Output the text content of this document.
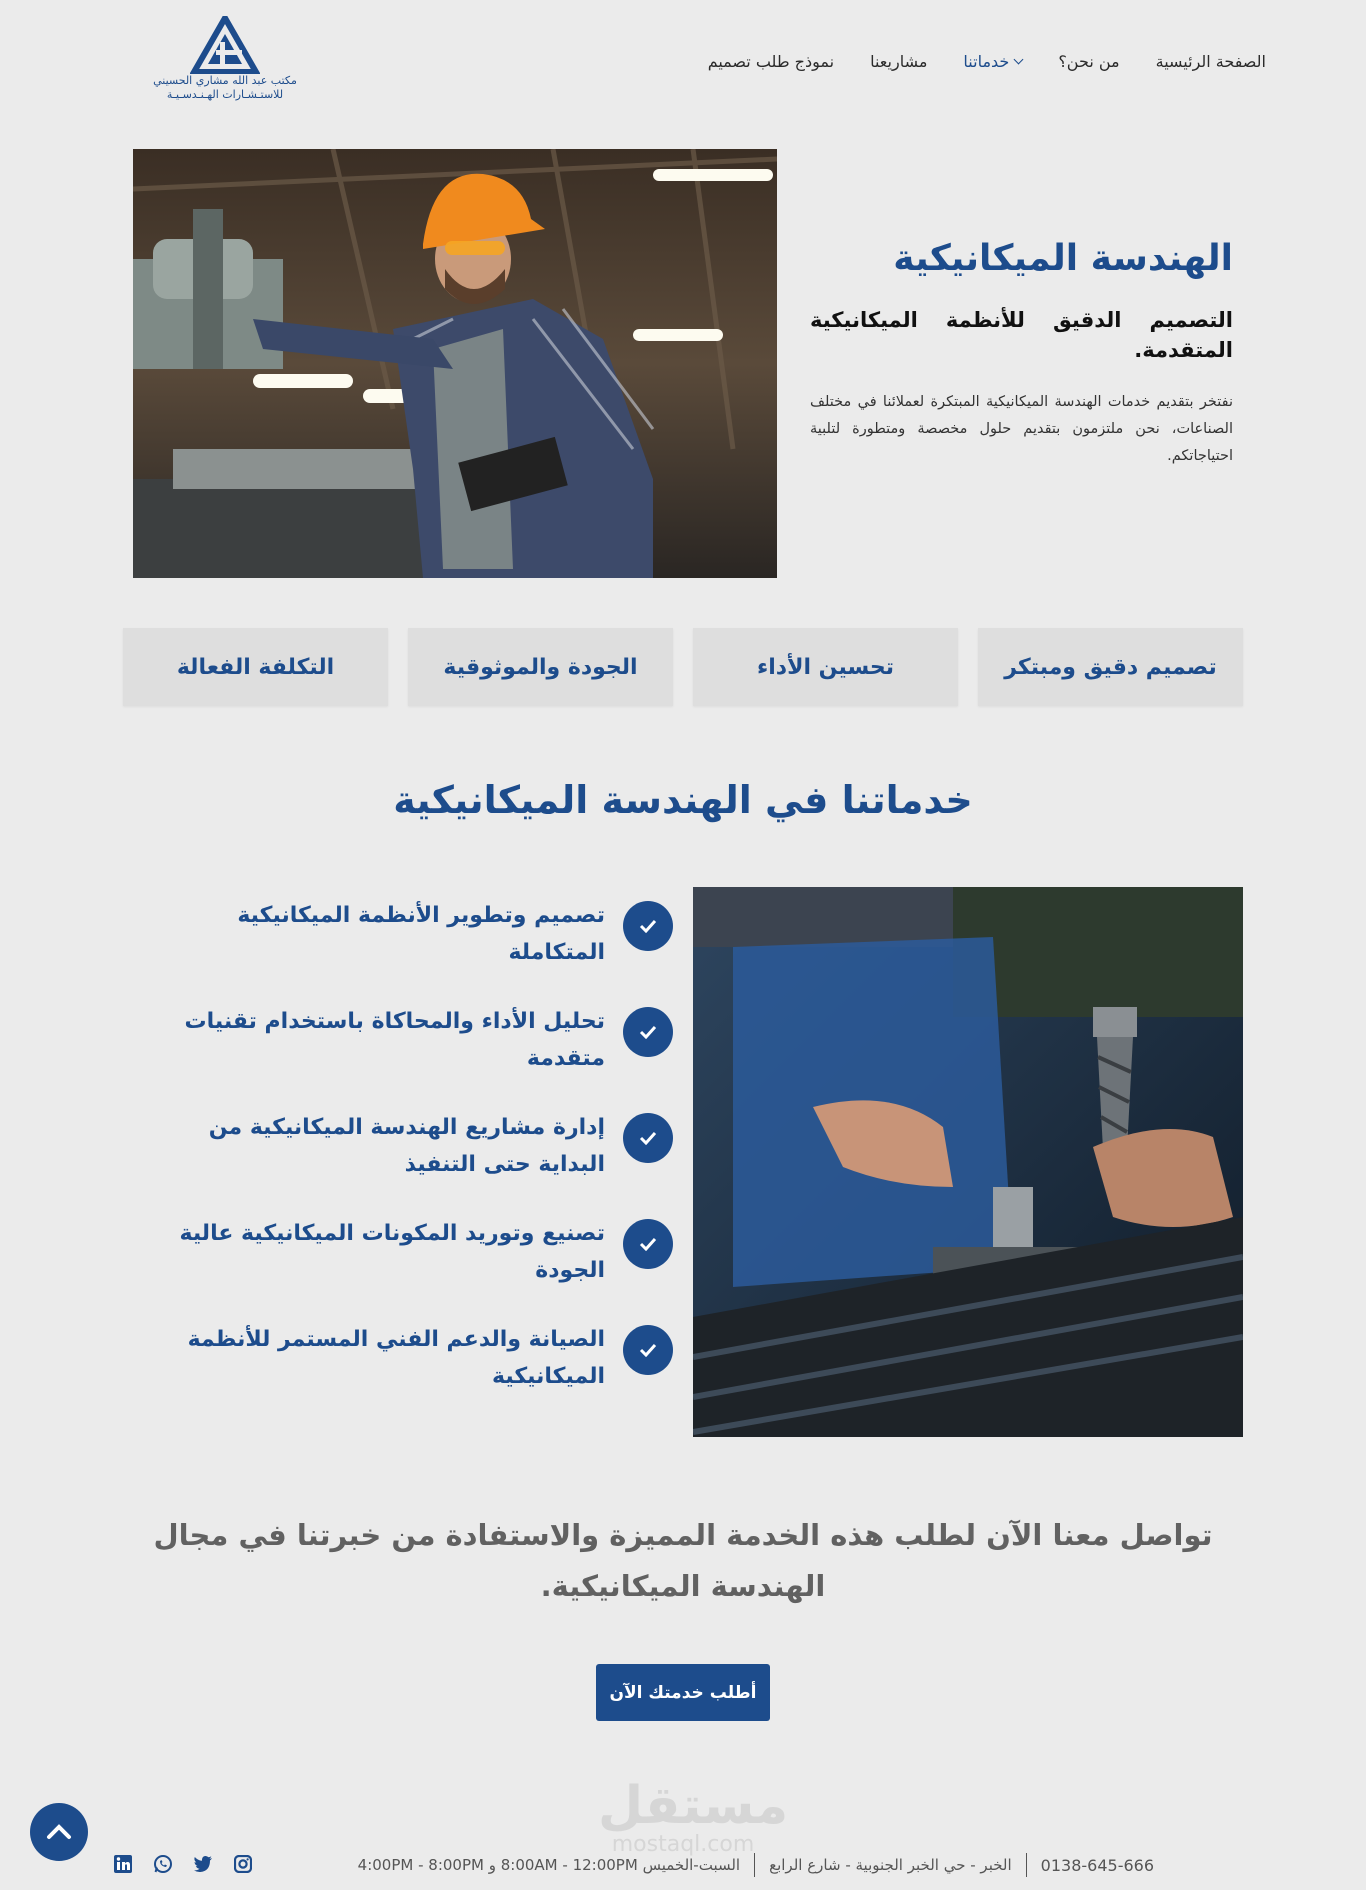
مكتب عبد الله مشاري الحسيني
للاستـشـارات الهـنـدسـيـة
الصفحة الرئيسية
من نحن؟
خدماتنا
مشاريعنا
نموذج طلب تصميم
الهندسة الميكانيكية
التصميم الدقيق للأنظمة الميكانيكية المتقدمة.

نفتخر بتقديم خدمات الهندسة الميكانيكية المبتكرة لعملائنا في مختلف الصناعات، نحن ملتزمون بتقديم حلول مخصصة ومتطورة لتلبية احتياجاتكم.

تصميم دقيق ومبتكر
تحسين الأداء
الجودة والموثوقية
التكلفة الفعالة
خدماتنا في الهندسة الميكانيكية
تصميم وتطوير الأنظمة الميكانيكية المتكاملة
تحليل الأداء والمحاكاة باستخدام تقنيات متقدمة
إدارة مشاريع الهندسة الميكانيكية من البداية حتى التنفيذ
تصنيع وتوريد المكونات الميكانيكية عالية الجودة
الصيانة والدعم الفني المستمر للأنظمة الميكانيكية

تواصل معنا الآن لطلب هذه الخدمة المميزة والاستفادة من خبرتنا في مجال الهندسة الميكانيكية.

أطلب خدمتك الآن
مستقل
mostaql.com
0138-645-666
الخبر - حي الخبر الجنوبية - شارع الرابع
السبت-الخميس 8:00AM - 12:00PM و 4:00PM - 8:00PM
